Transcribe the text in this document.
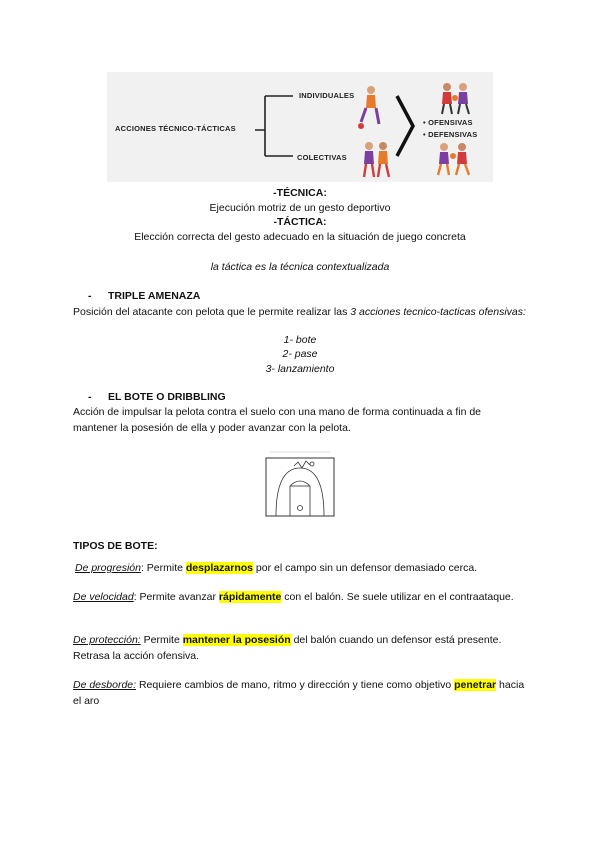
ACCIONES TÉCNICO-TÁCTICAS
INDIVIDUALES
COLECTIVAS
• OFENSIVAS
• DEFENSIVAS
-TÉCNICA:
Ejecución motriz de un gesto deportivo
-TÁCTICA:
Elección correcta del gesto adecuado en la situación de juego concreta
la táctica es la técnica contextualizada
- TRIPLE AMENAZA
Posición del atacante con pelota que le permite realizar las 3 acciones tecnico-tacticas ofensivas:
1- bote
2- pase
3- lanzamiento
- EL BOTE O DRIBBLING
Acción de impulsar la pelota contra el suelo con una mano de forma continuada a fin de mantener la posesión de ella y poder avanzar con la pelota.
TIPOS DE BOTE:
De progresión: Permite desplazarnos por el campo sin un defensor demasiado cerca.
De velocidad: Permite avanzar rápidamente con el balón. Se suele utilizar en el contraataque.
De protección: Permite mantener la posesión del balón cuando un defensor está presente. Retrasa la acción ofensiva.
De desborde: Requiere cambios de mano, ritmo y dirección y tiene como objetivo penetrar hacia el aro
